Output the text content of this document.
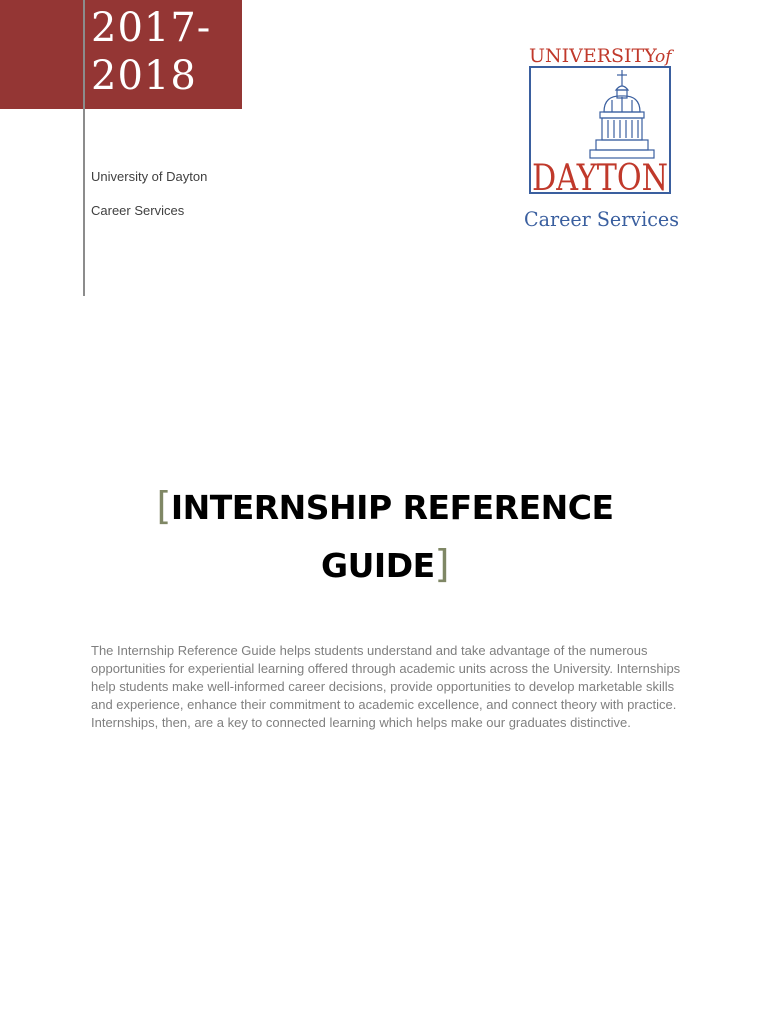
2017-
2018
University of Dayton
Career Services
UNIVERSITY
of
DAYTON
Career Services
[INTERNSHIP REFERENCE GUIDE]
The Internship Reference Guide helps students understand and take advantage of the numerous opportunities for experiential learning offered through academic units across the University. Internships help students make well-informed career decisions, provide opportunities to develop marketable skills and experience, enhance their commitment to academic excellence, and connect theory with practice. Internships, then, are a key to connected learning which helps make our graduates distinctive.
